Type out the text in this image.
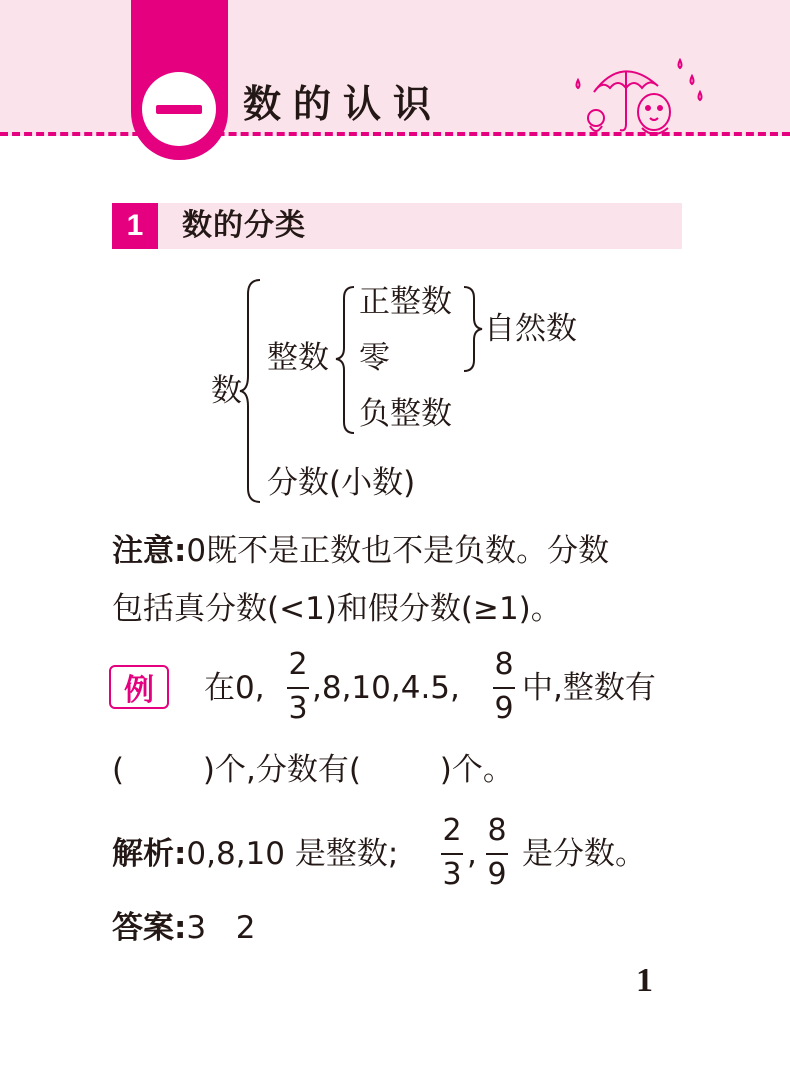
数的认识
1	数的分类
数
整数
正整数
零
负整数
自然数
分数(小数)
注意:0既不是正数也不是负数。分数
包括真分数(<1)和假分数(≥1)。
例	在0,
2
3
,8,10,4.5,
8
9
中,整数有
(        )个,分数有(        )个。
解析:0,8,10 是整数;
2
3
,
8
9
是分数。
答案:3   2
1
